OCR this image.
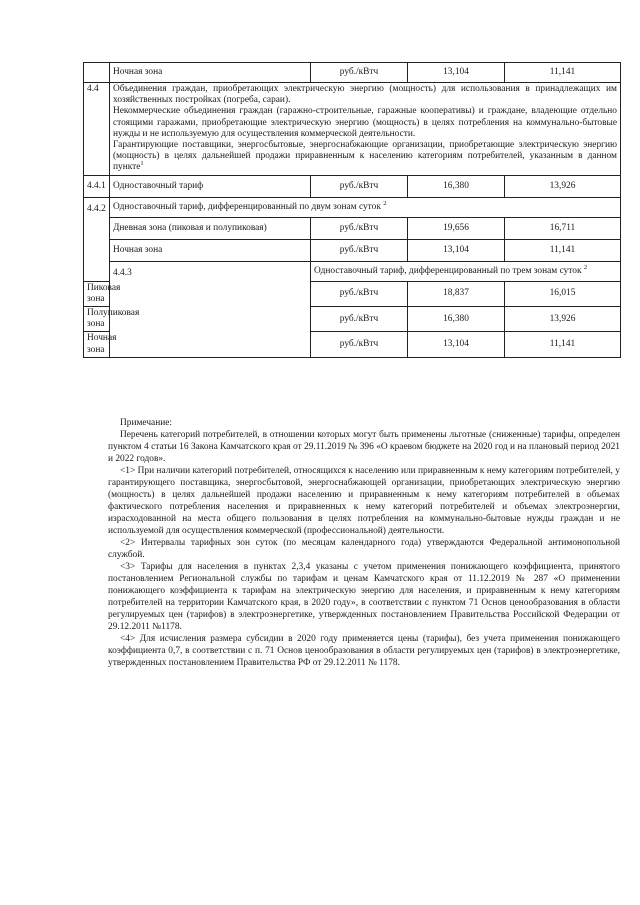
	Ночная зона	руб./кВтч	13,104	11,141
4.4	Объединения граждан, приобретающих электрическую энергию (мощность) для использования в принадлежащих им хозяйственных постройках (погреба, сараи).

Некоммерческие объединения граждан (гаражно-строительные, гаражные кооперативы) и граждане, владеющие отдельно стоящими гаражами, приобретающие электрическую энергию (мощность) в целях потребления на коммунально-бытовые нужды и не используемую для осуществления коммерческой деятельности.

Гарантирующие поставщики, энергосбытовые, энергоснабжающие организации, приобретающие электрическую энергию (мощность) в целях дальнейшей продажи приравненным к населению категориям потребителей, указанным в данном пункте$^1$

4.4.1	Одноставочный тариф	руб./кВтч	16,380	13,926
4.4.2	Одноставочный тариф, дифференцированный по двум зонам суток $^2$
	Дневная зона (пиковая и полупиковая)	руб./кВтч	19,656	16,711
	Ночная зона	руб./кВтч	13,104	11,141
	4.4.3	Одноставочный тариф, дифференцированный по трем зонам суток $^2$
Пиковая зона		руб./кВтч	18,837	16,015
Полупиковая зона		руб./кВтч	16,380	13,926
Ночная зона		руб./кВтч	13,104	11,141

Примечание:

Перечень категорий потребителей, в отношении которых могут быть применены льготные (сниженные) тарифы, определен пунктом 4 статьи 16 Закона Камчатского края от 29.11.2019 № 396 «О краевом бюджете на 2020 год и на плановый период 2021 и 2022 годов».

<1> При наличии категорий потребителей, относящихся к населению или приравненным к нему категориям потребителей, у гарантирующего поставщика, энергосбытовой, энергоснабжающей организации, приобретающих электрическую энергию (мощность) в целях дальнейшей продажи населению и приравненным к нему категориям потребителей в объемах фактического потребления населения и приравненных к нему категорий потребителей и объемах электроэнергии, израсходованной на места общего пользования в целях потребления на коммунально-бытовые нужды граждан и не используемой для осуществления коммерческой (профессиональной) деятельности.

<2> Интервалы тарифных зон суток (по месяцам календарного года) утверждаются Федеральной антимонопольной службой.

<3> Тарифы для населения в пунктах 2,3,4 указаны с учетом применения понижающего коэффициента, принятого постановлением Региональной службы по тарифам и ценам Камчатского края от 11.12.2019 № 287 «О применении понижающего коэффициента к тарифам на электрическую энергию для населения, и приравненным к нему категориям потребителей на территории Камчатского края, в 2020 году», в соответствии с пунктом 71 Основ ценообразования в области регулируемых цен (тарифов) в электроэнергетике, утвержденных постановлением Правительства Российской Федерации от 29.12.2011 №1178.

<4> Для исчисления размера субсидии в 2020 году применяется цены (тарифы), без учета применения понижающего коэффициента 0,7, в соответствии с п. 71 Основ ценообразования в области регулируемых цен (тарифов) в электроэнергетике, утвержденных постановлением Правительства РФ от 29.12.2011 № 1178.
